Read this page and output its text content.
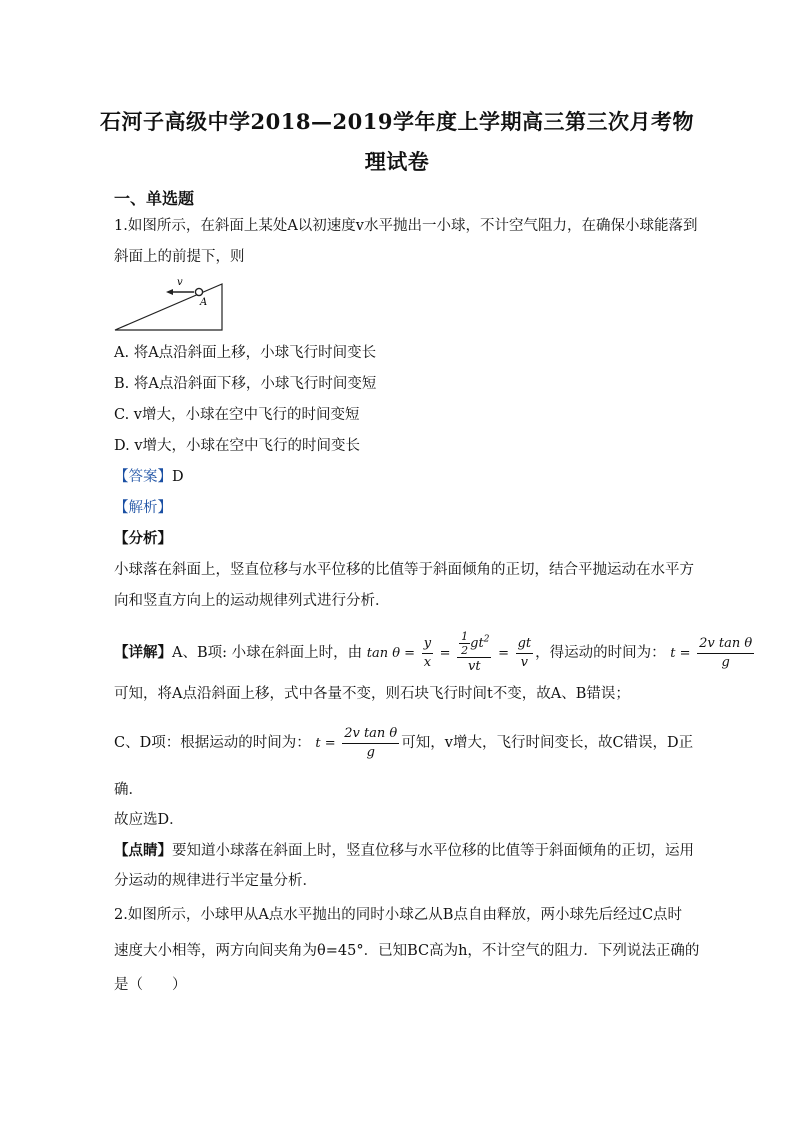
石河子高级中学2018—2019学年度上学期高三第三次月考物
理试卷
一、单选题
1.如图所示，在斜面上某处A以初速度v水平抛出一小球，不计空气阻力，在确保小球能落到
斜面上的前提下，则
v
A
A. 将A点沿斜面上移，小球飞行时间变长
B. 将A点沿斜面下移，小球飞行时间变短
C. v增大，小球在空中飞行的时间变短
D. v增大，小球在空中飞行的时间变长
【答案】D
【解析】
【分析】
小球落在斜面上，竖直位移与水平位移的比值等于斜面倾角的正切，结合平抛运动在水平方
向和竖直方向上的运动规律列式进行分析．
【详解】A、B项: 小球在斜面上时，由 $\tan \theta = \frac{y}{x} = \frac{\frac{1}{2} gt^2}{vt} = \frac{gt}{v}$ ，得运动的时间为： $t = \frac{\text{2v tan θ}}{g}$
可知，将A点沿斜面上移，式中各量不变，则石块飞行时间t不变，故A、B错误；
C、D项：根据运动的时间为： $t = \frac{\text{2v tan θ}}{g}$ 可知，v增大，飞行时间变长，故C错误，D正
确．
故应选D．
【点睛】要知道小球落在斜面上时，竖直位移与水平位移的比值等于斜面倾角的正切，运用
分运动的规律进行半定量分析．
2.如图所示，小球甲从A点水平抛出的同时小球乙从B点自由释放，两小球先后经过C点时
速度大小相等，两方向间夹角为θ=45°．已知BC高为h，不计空气的阻力．下列说法正确的
是（　　）
